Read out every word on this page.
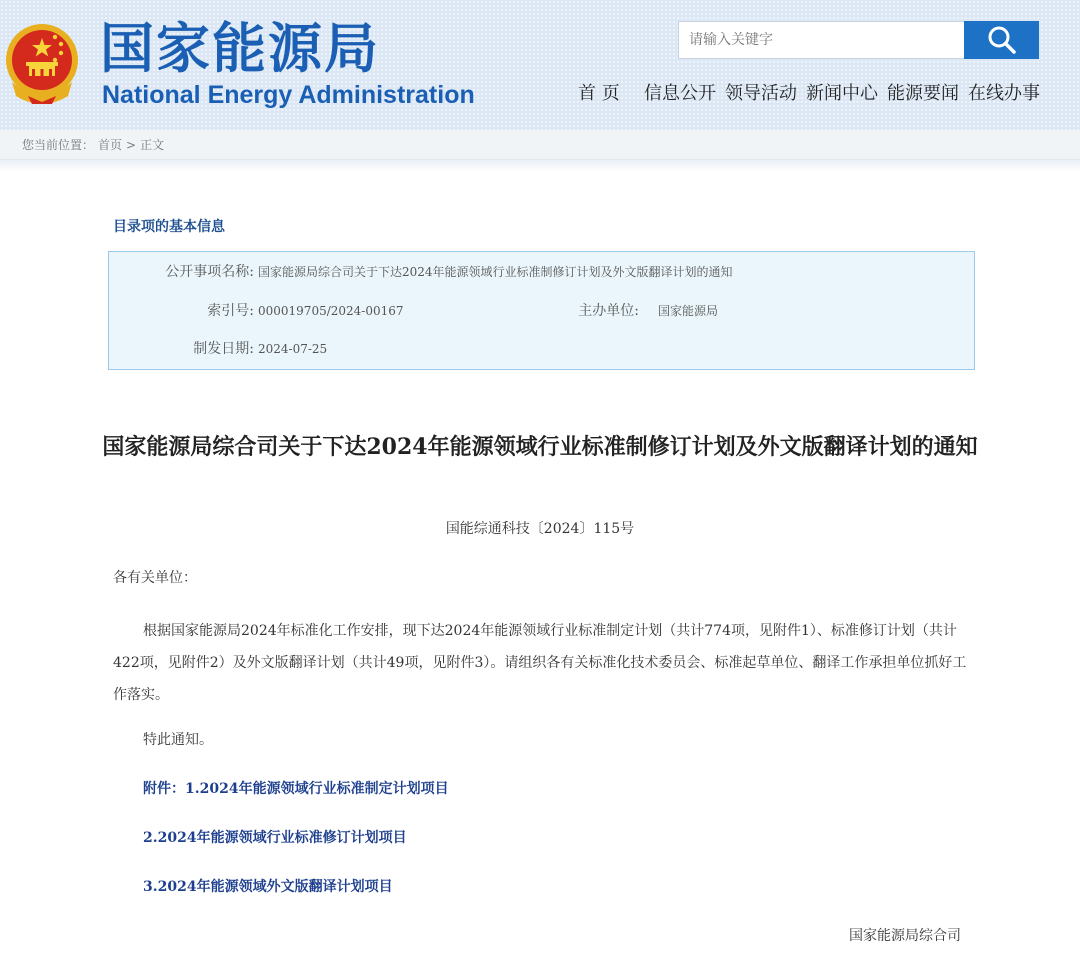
国家能源局
National Energy Administration
请输入关键字	首 页 信息公开 领导活动 新闻中心 能源要闻 在线办事
您当前位置： 首页 > 正文
目录项的基本信息
公开事项名称: 国家能源局综合司关于下达2024年能源领域行业标准制修订计划及外文版翻译计划的通知
索引号: 000019705/2024-00167	主办单位: 国家能源局
制发日期: 2024-07-25
国家能源局综合司关于下达2024年能源领域行业标准制修订计划及外文版翻译计划的通知
国能综通科技〔2024〕115号
各有关单位：
根据国家能源局2024年标准化工作安排，现下达2024年能源领域行业标准制定计划（共计774项，见附件1）、标准修订计划（共计422项，见附件2）及外文版翻译计划（共计49项，见附件3）。请组织各有关标准化技术委员会、标准起草单位、翻译工作承担单位抓好工作落实。
特此通知。
附件：1.2024年能源领域行业标准制定计划项目
2.2024年能源领域行业标准修订计划项目
3.2024年能源领域外文版翻译计划项目
国家能源局综合司
